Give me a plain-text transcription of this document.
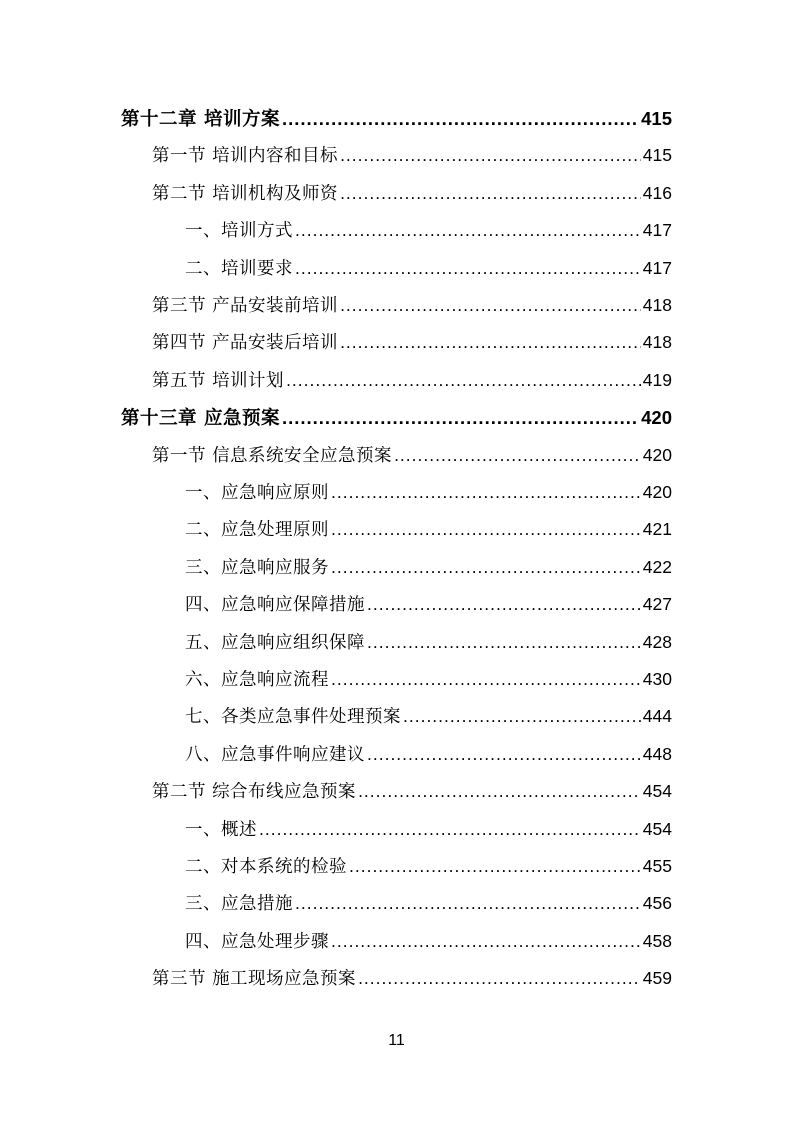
第十二章 培训方案 .....	415
第一节 培训内容和目标 .....	415
第二节 培训机构及师资 .....	416
一、培训方式 .....	417
二、培训要求 .....	417
第三节 产品安装前培训 .....	418
第四节 产品安装后培训 .....	418
第五节 培训计划 .....	419
第十三章 应急预案 .....	420
第一节 信息系统安全应急预案 .....	420
一、应急响应原则 .....	420
二、应急处理原则 .....	421
三、应急响应服务 .....	422
四、应急响应保障措施 .....	427
五、应急响应组织保障 .....	428
六、应急响应流程 .....	430
七、各类应急事件处理预案 .....	444
八、应急事件响应建议 .....	448
第二节 综合布线应急预案 .....	454
一、概述 .....	454
二、对本系统的检验 .....	455
三、应急措施 .....	456
四、应急处理步骤 .....	458
第三节 施工现场应急预案 .....	459
11
